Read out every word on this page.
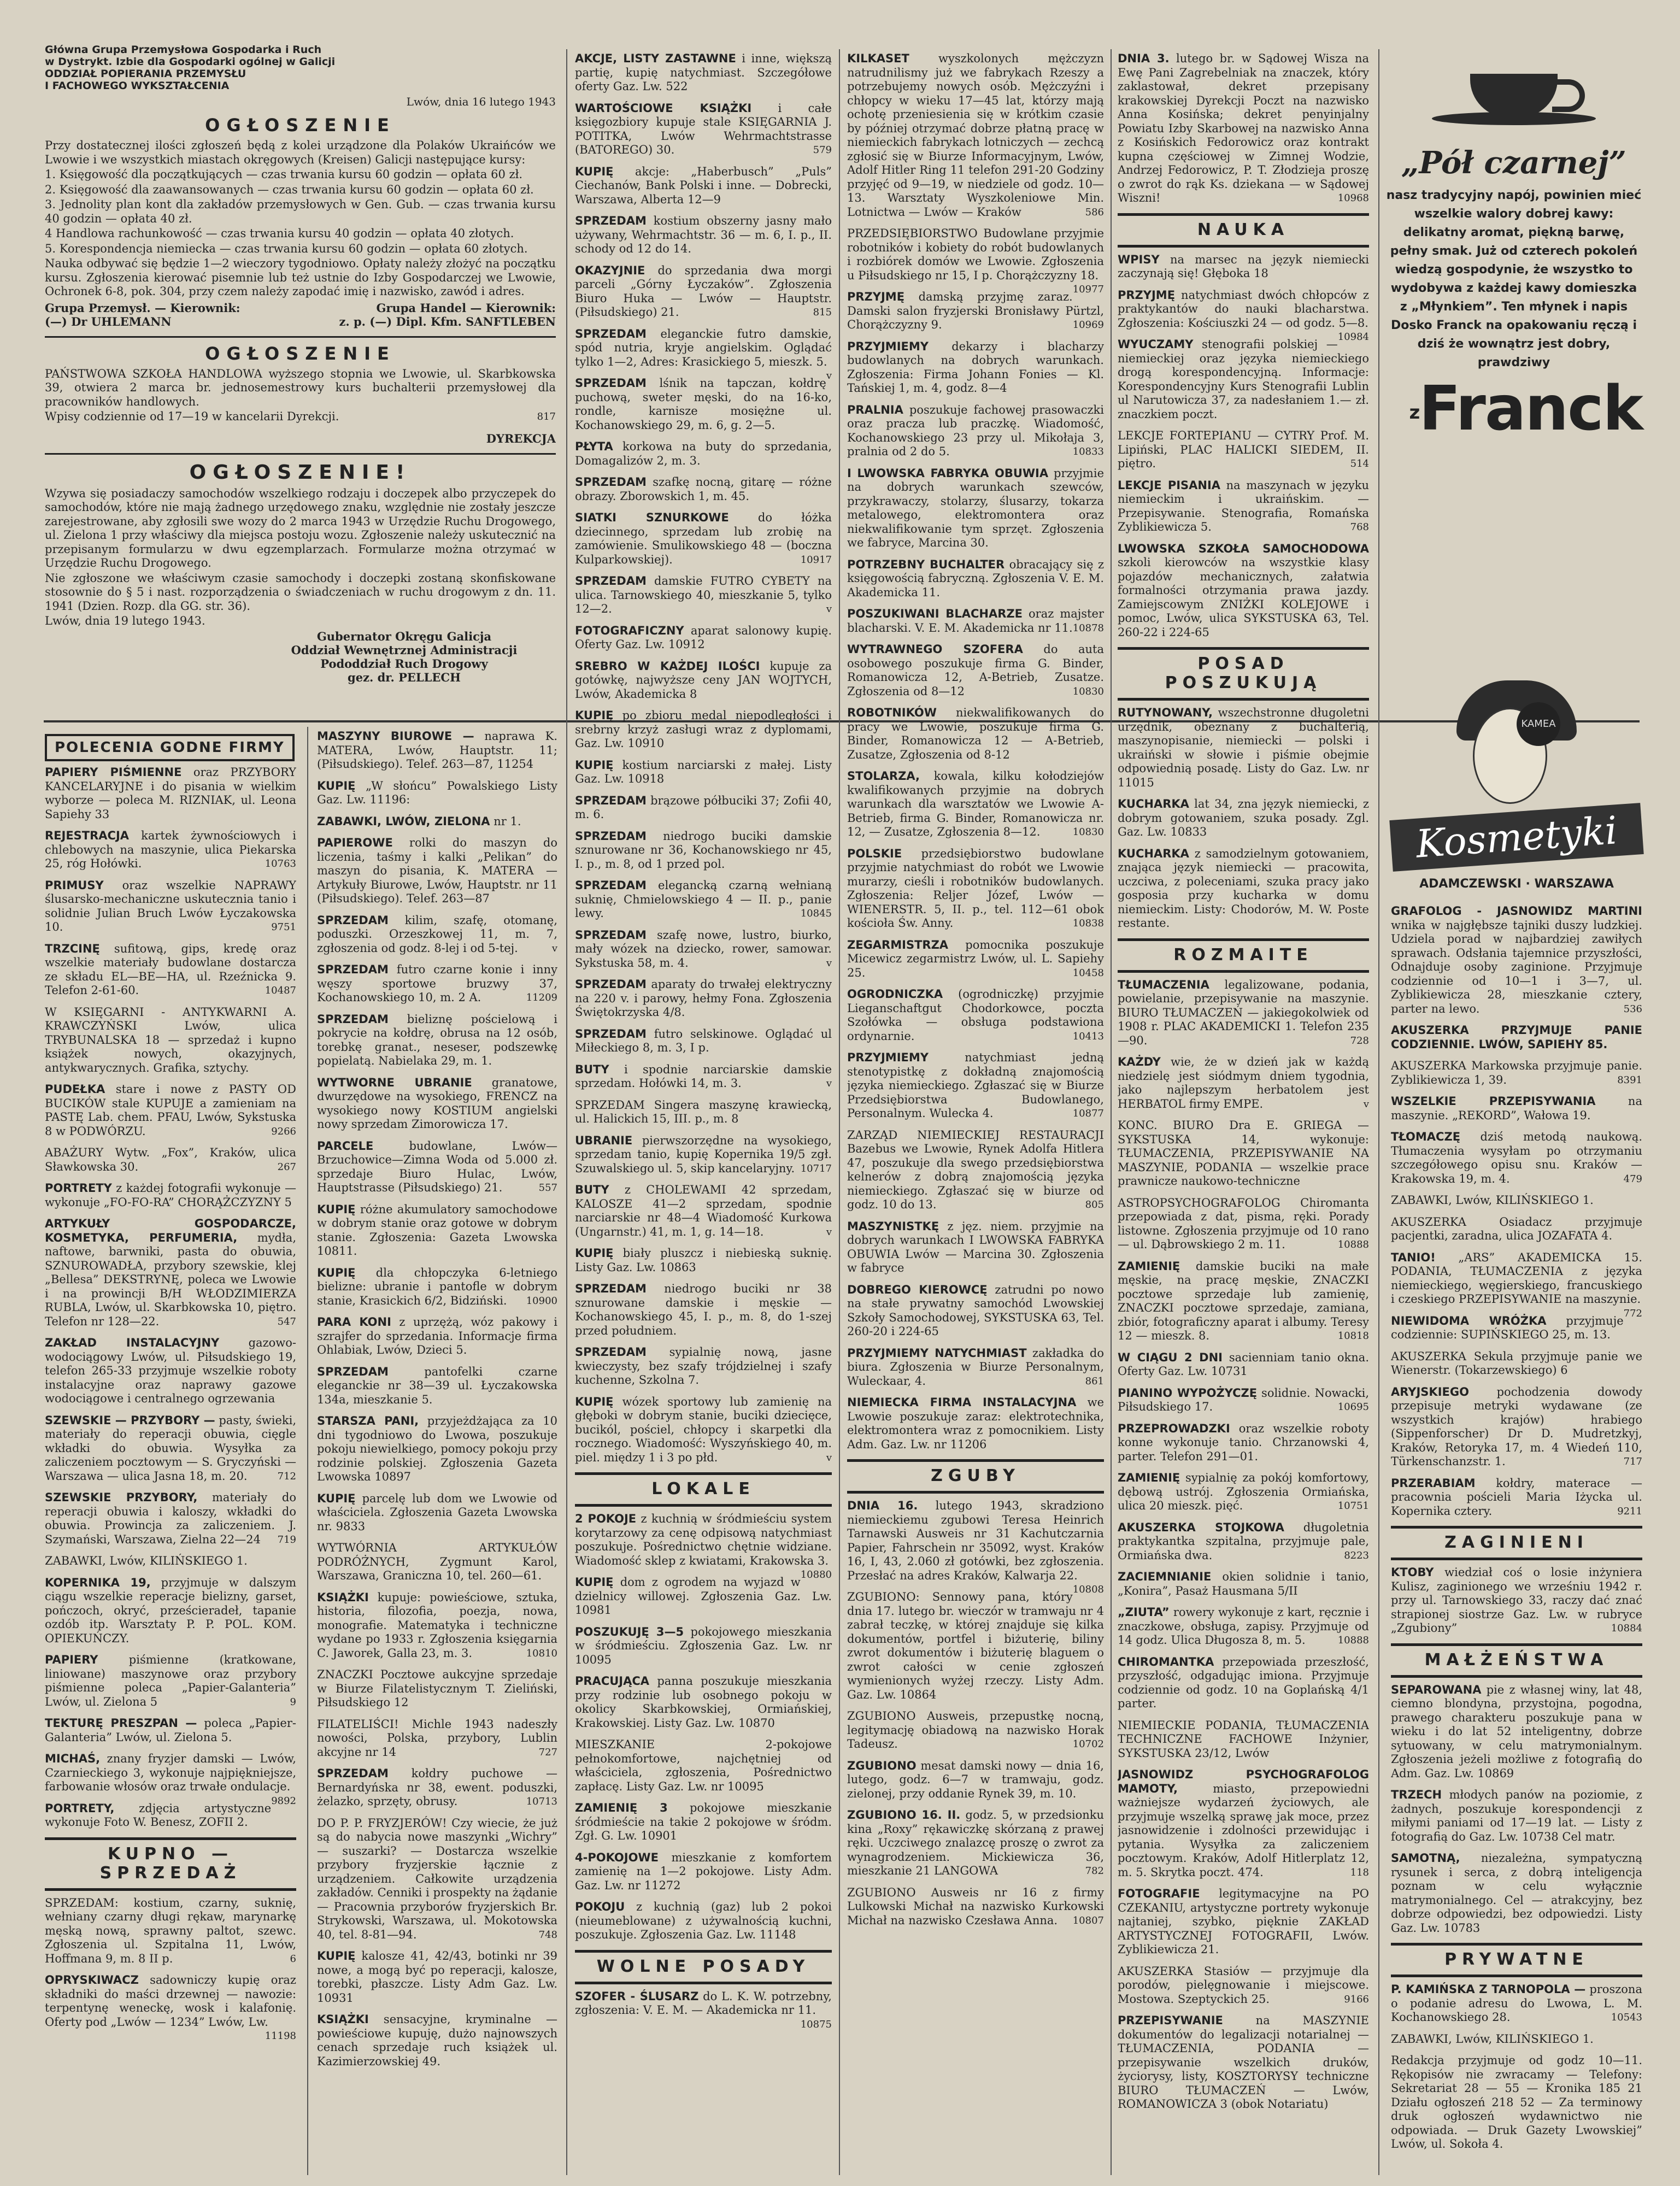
Główna Grupa Przemysłowa Gospodarka i Ruch

w Dystrykt. Izbie dla Gospodarki ogólnej w Galicji

ODDZIAŁ POPIERANIA PRZEMYSŁU

I FACHOWEGO WYKSZTAŁCENIA

Lwów, dnia 16 lutego 1943

OGŁOSZENIE

Przy dostatecznej ilości zgłoszeń będą z kolei urządzone dla Polaków Ukraińców we Lwowie i we wszystkich miastach okręgowych (Kreisen) Galicji następujące kursy:

1. Księgowość dla początkujących — czas trwania kursu 60 godzin — opłata 60 zł.

2. Księgowość dla zaawansowanych — czas trwania kursu 60 godzin — opłata 60 zł.

3. Jednolity plan kont dla zakładów przemysłowych w Gen. Gub. — czas trwania kursu 40 godzin — opłata 40 zł.

4 Handlowa rachunkowość — czas trwania kursu 40 godzin — opłata 40 złotych.

5. Korespondencja niemiecka — czas trwania kursu 60 godzin — opłata 60 złotych.

Nauka odbywać się będzie 1—2 wieczory tygodniowo. Opłaty należy złożyć na początku kursu. Zgłoszenia kierować pisemnie lub też ustnie do Izby Gospodarczej we Lwowie, Ochronek 6-8, pok. 304, przy czem należy zapodać imię i nazwisko, zawód i adres.

Grupa Przemysł. — Kierownik:

(—) Dr UHLEMANN

Grupa Handel — Kierownik:

z. p. (—) Dipl. Kfm. SANFTLEBEN

OGŁOSZENIE

PAŃSTWOWA SZKOŁA HANDLOWA wyższego stopnia we Lwowie, ul. Skarbkowska 39, otwiera 2 marca br. jednosemestrowy kurs buchalterii przemysłowej dla pracowników handlowych.

Wpisy codziennie od 17—19 w kancelarii Dyrekcji.	817

DYREKCJA

OGŁOSZENIE!

Wzywa się posiadaczy samochodów wszelkiego rodzaju i doczepek albo przyczepek do samochodów, które nie mają żadnego urzędowego znaku, względnie nie zostały jeszcze zarejestrowane, aby zgłosili swe wozy do 2 marca 1943 w Urzędzie Ruchu Drogowego, ul. Zielona 1 przy właściwy dla miejsca postoju wozu. Zgłoszenie należy uskutecznić na przepisanym formularzu w dwu egzemplarzach. Formularze można otrzymać w Urzędzie Ruchu Drogowego.

Nie zgłoszone we właściwym czasie samochody i doczepki zostaną skonfiskowane stosownie do § 5 i nast. rozporządzenia o świadczeniach w ruchu drogowym z dn. 11. 1941 (Dzien. Rozp. dla GG. str. 36).

Lwów, dnia 19 lutego 1943.

Gubernator Okręgu Galicja

Oddział Wewnętrznej Administracji

Pododdział Ruch Drogowy

gez. dr. PELLECH

POLECENIA GODNE FIRMY

PAPIERY PIŚMIENNE oraz PRZYBORY KANCELARYJNE i do pisania w wielkim wyborze — poleca M. RIZNIAK, ul. Leona Sapiehy 33

REJESTRACJA kartek żywnościowych i chlebowych na maszynie, ulica Piekarska 25, róg Hołówki.	10763

PRIMUSY oraz wszelkie NAPRAWY ślusarsko-mechaniczne uskutecznia tanio i solidnie Julian Bruch Lwów Łyczakowska 10.	9751

TRZCINĘ sufitową, gips, kredę oraz wszelkie materiały budowlane dostarcza ze składu EL—BE—HA, ul. Rzeźnicka 9. Telefon 2-61-60.	10487

W KSIĘGARNI - ANTYKWARNI A. KRAWCZYŃSKI Lwów, ulica TRYBUNALSKA 18 — sprzedaż i kupno książek nowych, okazyjnych, antykwarycznych. Grafika, sztychy.

PUDEŁKA stare i nowe z PASTY OD BUCIKÓW stale KUPUJE a zamieniam na PASTĘ Lab. chem. PFAU, Lwów, Sykstuska 8 w PODWÓRZU.	9266

ABAŻURY Wytw. „Fox”, Kraków, ulica Sławkowska 30.	267

PORTRETY z każdej fotografii wykonuje — wykonuje „FO-FO-RA” CHORĄŻCZYZNY 5

ARTYKUŁY GOSPODARCZE, KOSMETYKA, PERFUMERIA, mydła, naftowe, barwniki, pasta do obuwia, SZNUROWADŁA, przybory szewskie, klej „Bellesa” DEKSTRYNĘ, poleca we Lwowie i na prowincji B/H WŁODZIMIERZA RUBLA, Lwów, ul. Skarbkowska 10, piętro. Telefon nr 128—22.	547

ZAKŁAD INSTALACYJNY gazowo-wodociągowy Lwów, ul. Piłsudskiego 19, telefon 265-33 przyjmuje wszelkie roboty instalacyjne oraz naprawy gazowe wodociągowe i centralnego ogrzewania

SZEWSKIE — PRZYBORY — pasty, świeki, materiały do reperacji obuwia, cięgle wkładki do obuwia. Wysyłka za zaliczeniem pocztowym — S. Gryczyński — Warszawa — ulica Jasna 18, m. 20.	712

SZEWSKIE PRZYBORY, materiały do reperacji obuwia i kaloszy, wkładki do obuwia. Prowincja za zaliczeniem. J. Szymański, Warszawa, Zielna 22—24 719

ZABAWKI, Lwów, KILIŃSKIEGO 1.

KOPERNIKA 19, przyjmuje w dalszym ciągu wszelkie reperacje bielizny, garset, pończoch, okryć, prześcieradeł, tapanie ozdób itp. Warsztaty P. P. POL. KOM. OPIEKUŃCZY.

PAPIERY piśmienne (kratkowane, liniowane) maszynowe oraz przybory piśmienne poleca „Papier-Galanteria” Lwów, ul. Zielona 5	9

TEKTURĘ PRESZPAN — poleca „Papier-Galanteria” Lwów, ul. Zielona 5.

MICHAŚ, znany fryzjer damski — Lwów, Czarnieckiego 3, wykonuje najpiękniejsze, farbowanie włosów oraz trwałe ondulacje.
9892

PORTRETY, zdjęcia artystyczne wykonuje Foto W. Benesz, ZOFII 2.

KUPNO — SPRZEDAŻ

SPRZEDAM: kostium, czarny, suknię, wełniany czarny długi rękaw, marynarkę męską nową, sprawny paltot, szewc. Zgłoszenia ul. Szpitalna 11, Lwów, Hoffmana 9, m. 8 II p.	6

OPRYSKIWACZ sadowniczy kupię oraz składniki do maści drzewnej — nawozie: terpentynę weneckę, wosk i kalafonię. Oferty pod „Lwów — 1234” Lwów, Lw.
11198

MASZYNY BIUROWE — naprawa K. MATERA, Lwów, Hauptstr. 11; (Piłsudskiego). Telef. 263—87, 11254

KUPIĘ „W słońcu” Powalskiego Listy Gaz. Lw. 11196:

ZABAWKI, LWÓW, ZIELONA nr 1.

PAPIEROWE rolki do maszyn do liczenia, taśmy i kalki „Pelikan” do maszyn do pisania, K. MATERA — Artykuły Biurowe, Lwów, Hauptstr. nr 11 (Piłsudskiego). Telef. 263—87

SPRZEDAM kilim, szafę, otomanę, poduszki. Orzeszkowej 11, m. 7, zgłoszenia od godz. 8-lej i od 5-tej.	v

SPRZEDAM futro czarne konie i inny węszy sportowe bruzwy 37, Kochanowskiego 10, m. 2 A.	11209

SPRZEDAM bieliznę pościelową i pokrycie na kołdrę, obrusa na 12 osób, torebkę granat., neseser, podszewkę popielatą. Nabielaka 29, m. 1.

WYTWORNE UBRANIE granatowe, dwurzędowe na wysokiego, FRENCZ na wysokiego nowy KOSTIUM angielski nowy sprzedam Zimorowicza 17.

PARCELE budowlane, Lwów—Brzuchowice—Zimna Woda od 5.000 zł. sprzedaje Biuro Hulac, Lwów, Hauptstrasse (Piłsudskiego) 21.	557

KUPIĘ różne akumulatory samochodowe w dobrym stanie oraz gotowe w dobrym stanie. Zgłoszenia: Gazeta Lwowska 10811.

KUPIĘ dla chłopczyka 6-letniego bielizne: ubranie i pantofle w dobrym stanie, Krasickich 6/2, Bidziński. 10900

PARA KONI z uprzężą, wóz pakowy i szrajfer do sprzedania. Informacje firma Ohlabiak, Lwów, Dzieci 5.

SPRZEDAM pantofelki czarne eleganckie nr 38—39 ul. Łyczakowska 134a, mieszkanie 5.

STARSZA PANI, przyjeżdżająca za 10 dni tygodniowo do Lwowa, poszukuje pokoju niewielkiego, pomocy pokoju przy rodzinie polskiej. Zgłoszenia Gazeta Lwowska 10897

KUPIĘ parcelę lub dom we Lwowie od właściciela. Zgłoszenia Gazeta Lwowska nr. 9833

WYTWÓRNIA ARTYKUŁÓW PODRÓŻNYCH, Zygmunt Karol, Warszawa, Graniczna 10, tel. 260—61.

KSIĄŻKI kupuje: powieściowe, sztuka, historia, filozofia, poezja, nowa, monografie. Matematyka i techniczne wydane po 1933 r. Zgłoszenia księgarnia C. Jaworek, Galla 23, m. 3.	10810

ZNACZKI Pocztowe aukcyjne sprzedaje w Biurze Filatelistycznym T. Zieliński, Piłsudskiego 12

FILATELIŚCI! Michle 1943 nadeszły nowości, Polska, przybory, Lublin akcyjne nr 14	727

SPRZEDAM kołdry puchowe — Bernardyńska nr 38, ewent. poduszki, żelazko, sprzęty, obrusy.	10713

DO P. P. FRYZJERÓW! Czy wiecie, że już są do nabycia nowe maszynki „Wichry” — suszarki? — Dostarcza wszelkie przybory fryzjerskie łącznie z urządzeniem. Całkowite urządzenia zakładów. Cenniki i prospekty na żądanie — Pracownia przyborów fryzjerskich Br. Strykowski, Warszawa, ul. Mokotowska 40, tel. 8-81—94.	748

KUPIĘ kalosze 41, 42/43, botinki nr 39 nowe, a mogą być po reperacji, kalosze, torebki, płaszcze. Listy Adm Gaz. Lw. 10931

KSIĄŻKI sensacyjne, kryminalne — powieściowe kupuję, dużo najnowszych cenach sprzedaje ruch książek ul. Kazimierzowskiej 49.

AKCJE, LISTY ZASTAWNE i inne, większą partię, kupię natychmiast. Szczegółowe oferty Gaz. Lw. 522

WARTOŚCIOWE KSIĄŻKI i całe księgozbiory kupuje stale KSIĘGARNIA J. POTITKA, Lwów Wehrmachtstrasse (BATOREGO) 30.	579

KUPIĘ akcje: „Haberbusch” „Puls” Ciechanów, Bank Polski i inne. — Dobrecki, Warszawa, Alberta 12—9

SPRZEDAM kostium obszerny jasny mało używany, Wehrmachtstr. 36 — m. 6, I. p., II. schody od 12 do 14.

OKAZYJNIE do sprzedania dwa morgi parceli „Górny Łyczaków”. Zgłoszenia Biuro Huka — Lwów — Hauptstr. (Piłsudskiego) 21.	815

SPRZEDAM eleganckie futro damskie, spód nutria, kryje angielskim. Oglądać tylko 1—2, Adres: Krasickiego 5, mieszk. 5.
v

SPRZEDAM lśnik na tapczan, kołdrę puchową, sweter męski, do na 16-ko, rondle, karnisze mosiężne ul. Kochanowskiego 29, m. 6, g. 2—5.

PŁYTA korkowa na buty do sprzedania, Domagalizów 2, m. 3.

SPRZEDAM szafkę nocną, gitarę — różne obrazy. Zborowskich 1, m. 45.

SIATKI SZNURKOWE do łóżka dziecinnego, sprzedam lub zrobię na zamówienie. Smulikowskiego 48 — (boczna Kulparkowskiej).	10917

SPRZEDAM damskie FUTRO CYBETY na ulica. Tarnowskiego 40, mieszkanie 5, tylko 12—2.	v

FOTOGRAFICZNY aparat salonowy kupię. Oferty Gaz. Lw. 10912

SREBRO W KAŻDEJ ILOŚCI kupuje za gotówkę, najwyższe ceny JAN WOJTYCH, Lwów, Akademicka 8

KUPIĘ po zbioru medal niepodległości i srebrny krzyż zasługi wraz z dyplomami, Gaz. Lw. 10910

KUPIĘ kostium narciarski z małej. Listy Gaz. Lw. 10918

SPRZEDAM brązowe półbuciki 37; Zofii 40, m. 6.

SPRZEDAM niedrogo buciki damskie sznurowane nr 36, Kochanowskiego nr 45, I. p., m. 8, od 1 przed pol.

SPRZEDAM elegancką czarną wełnianą suknię, Chmielowskiego 4 — II. p., panie lewy.	10845

SPRZEDAM szafę nowe, lustro, biurko, mały wózek na dziecko, rower, samowar. Sykstuska 58, m. 4.	v

SPRZEDAM aparaty do trwałej elektryczny na 220 v. i parowy, hełmy Fona. Zgłoszenia Świętokrzyska 4/8.

SPRZEDAM futro selskinowe. Oglądać ul Miłeckiego 8, m. 3, I p.

BUTY i spodnie narciarskie damskie sprzedam. Hołówki 14, m. 3.	v

SPRZEDAM Singera maszynę krawiecką, ul. Halickich 15, III. p., m. 8

UBRANIE pierwszorzędne na wysokiego, sprzedam tanio, kupię Kopernika 19/5 zgł. Szuwalskiego ul. 5, skip kancelaryjny. 10717

BUTY z CHOLEWAMI 42 sprzedam, KALOSZE 41—2 sprzedam, spodnie narciarskie nr 48—4 Wiadomość Kurkowa (Ungarnstr.) 41, m. 1, g. 14—18.	v

KUPIĘ biały pluszcz i niebieską suknię. Listy Gaz. Lw. 10863

SPRZEDAM niedrogo buciki nr 38 sznurowane damskie i męskie — Kochanowskiego 45, I. p., m. 8, do 1-szej przed południem.

SPRZEDAM sypialnię nową, jasne kwieczysty, bez szafy trójdzielnej i szafy kuchenne, Szkolna 7.

KUPIĘ wózek sportowy lub zamienię na głęboki w dobrym stanie, buciki dziecięce, bucikól, pościel, chłopcy i skarpetki dla rocznego. Wiadomość: Wyszyńskiego 40, m. piel. między 1 i 3 po płd.	v

LOKALE

2 POKOJE z kuchnią w śródmieściu system korytarzowy za cenę odpisową natychmiast poszukuje. Pośrednictwo chętnie widziane. Wiadomość sklep z kwiatami, Krakowska 3.
10880

KUPIĘ dom z ogrodem na wyjazd w dzielnicy willowej. Zgłoszenia Gaz. Lw. 10981

POSZUKUJĘ 3—5 pokojowego mieszkania w śródmieściu. Zgłoszenia Gaz. Lw. nr 10095

PRACUJĄCA panna poszukuje mieszkania przy rodzinie lub osobnego pokoju w okolicy Skarbkowskiej, Ormiańskiej, Krakowskiej. Listy Gaz. Lw. 10870

MIESZKANIE 2-pokojowe pełnokomfortowe, najchętniej od właściciela, zgłoszenia, Pośrednictwo zapłacę. Listy Gaz. Lw. nr 10095

ZAMIENIĘ 3 pokojowe mieszkanie śródmieście na takie 2 pokojowe w śródm. Zgł. G. Lw. 10901

4-POKOJOWE mieszkanie z komfortem zamienię na 1—2 pokojowe. Listy Adm. Gaz. Lw. nr 11272

POKOJU z kuchnią (gaz) lub 2 pokoi (nieumeblowane) z używalnością kuchni, poszukuje. Zgłoszenia Gaz. Lw. 11148

WOLNE POSADY

SZOFER - ŚLUSARZ do L. K. W. potrzebny, zgłoszenia: V. E. M. — Akademicka nr 11.
10875

KILKASET wyszkolonych mężczyzn natrudnilismy już we fabrykach Rzeszy a potrzebujemy nowych osób. Mężczyźni i chłopcy w wieku 17—45 lat, którzy mają ochotę przeniesienia się w krótkim czasie by później otrzymać dobrze płatną pracę w niemieckich fabrykach lotniczych — zechcą zgłosić się w Biurze Informacyjnym, Lwów, Adolf Hitler Ring 11 telefon 291-20 Godziny przyjęć od 9—19, w niedziele od godz. 10—13. Warsztaty Wyszkoleniowe Min. Lotnictwa — Lwów — Kraków	586

PRZEDSIĘBIORSTWO Budowlane przyjmie robotników i kobiety do robót budowlanych i rozbiórek domów we Lwowie. Zgłoszenia u Piłsudskiego nr 15, I p. Chorążczyzny 18.
10977

PRZYJMĘ damską przyjmę zaraz. Damski salon fryzjerski Bronisławy Pürtzl, Chorążczyzny 9.	10969

PRZYJMIEMY dekarzy i blacharzy budowlanych na dobrych warunkach. Zgłoszenia: Firma Johann Fonies — Kl. Tańskiej 1, m. 4, godz. 8—4

PRALNIA poszukuje fachowej prasowaczki oraz pracza lub praczkę. Wiadomość, Kochanowskiego 23 przy ul. Mikołaja 3, pralnia od 2 do 5.	10833

I LWOWSKA FABRYKA OBUWIA przyjmie na dobrych warunkach szewców, przykrawaczy, stolarzy, ślusarzy, tokarza metalowego, elektromontera oraz niekwalifikowanie tym sprzęt. Zgłoszenia we fabryce, Marcina 30.

POTRZEBNY BUCHALTER obracający się z księgowością fabryczną. Zgłoszenia V. E. M. Akademicka 11.

POSZUKIWANI BLACHARZE oraz majster blacharski. V. E. M. Akademicka nr 11. 10878

WYTRAWNEGO SZOFERA do auta osobowego poszukuje firma G. Binder, Romanowicza 12, A-Betrieb, Zusatze. Zgłoszenia od 8—12	10830

ROBOTNIKÓW niekwalifikowanych do pracy we Lwowie, poszukuje firma G. Binder, Romanowicza 12 — A-Betrieb, Zusatze, Zgłoszenia od 8-12

STOLARZA, kowala, kilku kołodziejów kwalifikowanych przyjmie na dobrych warunkach dla warsztatów we Lwowie A-Betrieb, firma G. Binder, Romanowicza nr. 12, — Zusatze, Zgłoszenia 8—12.	10830

POLSKIE przedsiębiorstwo budowlane przyjmie natychmiast do robót we Lwowie murarzy, cieśli i robotników budowlanych. Zgłoszenia: Reljer Józef, Lwów — WIENERSTR. 5, II. p., tel. 112—61 obok kościoła Św. Anny.	10838

ZEGARMISTRZA pomocnika poszukuje Micewicz zegarmistrz Lwów, ul. L. Sapiehy 25.	10458

OGRODNICZKA (ogrodniczkę) przyjmie Lieganschaftgut Chodorkowce, poczta Szołówka — obsługa podstawiona ordynarnie.	10413

PRZYJMIEMY natychmiast jedną stenotypistkę z dokładną znajomością języka niemieckiego. Zgłaszać się w Biurze Przedsiębiorstwa Budowlanego, Personalnym. Wulecka 4.	10877

ZARZĄD NIEMIECKIEJ RESTAURACJI Bazebus we Lwowie, Rynek Adolfa Hitlera 47, poszukuje dla swego przedsiębiorstwa kelnerów z dobrą znajomością języka niemieckiego. Zgłaszać się w biurze od godz. 10 do 13.	805

MASZYNISTKĘ z jęz. niem. przyjmie na dobrych warunkach I LWOWSKA FABRYKA OBUWIA Lwów — Marcina 30. Zgłoszenia w fabryce

DOBREGO KIEROWCĘ zatrudni po nowo na stałe prywatny samochód Lwowskiej Szkoły Samochodowej, SYKSTUSKA 63, Tel. 260-20 i 224-65

PRZYJMIEMY NATYCHMIAST zakładka do biura. Zgłoszenia w Biurze Personalnym, Wuleckaar, 4.	861

NIEMIECKA FIRMA INSTALACYJNA we Lwowie poszukuje zaraz: elektrotechnika, elektromontera wraz z pomocnikiem. Listy Adm. Gaz. Lw. nr 11206

ZGUBY

DNIA 16. lutego 1943, skradziono niemieckiemu zgubowi Teresa Heinrich Tarnawski Ausweis nr 31 Kachutczarnia Papier, Fahrschein nr 35092, wyst. Kraków 16, I, 43, 2.060 zł gotówki, bez zgłoszenia. Przesłać na adres Kraków, Kalwarja 22.
10808

ZGUBIONO: Sennowy pana, który dnia 17. lutego br. wieczór w tramwaju nr 4 zabrał teczkę, w której znajduje się kilka dokumentów, portfel i biżuterię, biliny zwrot dokumentów i biżuterię blaguem o zwrot całości w cenie zgłoszeń wymienionych wyżej rzeczy. Listy Adm. Gaz. Lw. 10864

ZGUBIONO Ausweis, przepustkę nocną, legitymację obiadową na nazwisko Horak Tadeusz.	10702

ZGUBIONO mesat damski nowy — dnia 16, lutego, godz. 6—7 w tramwaju, godz. zielonej, przy oddanie Rynek 39, m. 10.

ZGUBIONO 16. II. godz. 5, w przedsionku kina „Roxy” rękawiczkę skórzaną z prawej ręki. Uczciwego znalazcę proszę o zwrot za wynagrodzeniem. Mickiewicza 36, mieszkanie 21 LANGOWA	782

ZGUBIONO Ausweis nr 16 z firmy Lulkowski Michał na nazwisko Kurkowski Michał na nazwisko Czesława Anna. 10807

DNIA 3. lutego br. w Sądowej Wisza na Ewę Pani Zagrebelniak na znaczek, który zaklastował, dekret przepisany krakowskiej Dyrekcji Poczt na nazwisko Anna Kosińska; dekret penyinjalny Powiatu Izby Skarbowej na nazwisko Anna z Kosińskich Fedorowicz oraz kontrakt kupna częściowej w Zimnej Wodzie, Andrzej Fedorowicz, P. T. Złodzieja proszę o zwrot do rąk Ks. dziekana — w Sądowej Wiszni!	10968

NAUKA

WPISY na marsec na język niemiecki zaczynają się! Głęboka 18

PRZYJMĘ natychmiast dwóch chłopców z praktykantów do nauki blacharstwa. Zgłoszenia: Kościuszki 24 — od godz. 5—8.
10984

WYUCZAMY stenografii polskiej — niemieckiej oraz języka niemieckiego drogą korespondencyjną. Informacje: Korespondencyjny Kurs Stenografii Lublin ul Narutowicza 37, za nadesłaniem 1.— zł. znaczkiem poczt.

LEKCJE FORTEPIANU — CYTRY Prof. M. Lipiński, PLAC HALICKI SIEDEM, II. piętro.	514

LEKCJE PISANIA na maszynach w języku niemieckim i ukraińskim. — Przepisywanie. Stenografia, Romańska Zyblikiewicza 5.	768

LWOWSKA SZKOŁA SAMOCHODOWA szkoli kierowców na wszystkie klasy pojazdów mechanicznych, załatwia formalności otrzymania prawa jazdy. Zamiejscowym ZNIŻKI KOLEJOWE i pomoc, Lwów, ulica SYKSTUSKA 63, Tel. 260-22 i 224-65

POSAD POSZUKUJĄ

RUTYNOWANY, wszechstronne długoletni urzędnik, obeznany z buchalterią, maszynopisanie, niemiecki — polski i ukraiński w słowie i piśmie obejmie odpowiednią posadę. Listy do Gaz. Lw. nr 11015

KUCHARKA lat 34, zna język niemiecki, z dobrym gotowaniem, szuka posady. Zgl. Gaz. Lw. 10833

KUCHARKA z samodzielnym gotowaniem, znająca język niemiecki — pracowita, uczciwa, z poleceniami, szuka pracy jako gosposia przy kucharka w domu niemieckim. Listy: Chodorów, M. W. Poste restante.

ROZMAITE

TŁUMACZENIA legalizowane, podania, powielanie, przepisywanie na maszynie. BIURO TŁUMACZEŃ — jakiegokolwiek od 1908 r. PLAC AKADEMICKI 1. Telefon 235—90.	728

KAŻDY wie, że w dzień jak w każdą niedzielę jest siódmym dniem tygodnia, jako najlepszym herbatolem jest HERBATOL firmy EMPE.	v

KONC. BIURO Dra E. GRIEGA — SYKSTUSKA 14, wykonuje: TŁUMACZENIA, PRZEPISYWANIE NA MASZYNIE, PODANIA — wszelkie prace prawnicze naukowo-techniczne

ASTROPSYCHOGRAFOLOG Chiromanta przepowiada z dat, pisma, ręki. Porady listowne. Zgłoszenia przyjmuje od 10 rano — ul. Dąbrowskiego 2 m. 11.	10888

ZAMIENIĘ damskie buciki na małe męskie, na pracę męskie, ZNACZKI pocztowe sprzedaje lub zamienię, ZNACZKI pocztowe sprzedaje, zamiana, zbiór, fotograficzny aparat i albumy. Teresy 12 — mieszk. 8.	10818

W CIĄGU 2 DNI sacienniam tanio okna. Oferty Gaz. Lw. 10731

PIANINO WYPOŻYCZĘ solidnie. Nowacki, Piłsudskiego 17.	10695

PRZEPROWADZKI oraz wszelkie roboty konne wykonuje tanio. Chrzanowski 4, parter. Telefon 291—01.

ZAMIENIĘ sypialnię za pokój komfortowy, dębową ustrój. Zgłoszenia Ormiańska, ulica 20 mieszk. pięć.	10751

AKUSZERKA STOJKOWA długoletnia praktykantka szpitalna, przyjmuje pale, Ormiańska dwa.	8223

ZACIEMNIANIE okien solidnie i tanio, „Konira”, Pasaż Hausmana 5/II

„ZIUTA” rowery wykonuje z kart, ręcznie i znaczkowe, obsługa, zapisy. Przyjmuje od 14 godz. Ulica Długosza 8, m. 5.	10888

CHIROMANTKA przepowiada przeszłość, przyszłość, odgadując imiona. Przyjmuje codziennie od godz. 10 na Goplańską 4/1 parter.

NIEMIECKIE PODANIA, TŁUMACZENIA TECHNICZNE FACHOWE Inżynier, SYKSTUSKA 23/12, Lwów

JASNOWIDZ PSYCHOGRAFOLOG MAMOTY, miasto, przepowiedni ważniejsze wydarzeń życiowych, ale przyjmuje wszelką sprawę jak moce, przez jasnowidzenie i zdolności przewidując i pytania. Wysyłka za zaliczeniem pocztowym. Kraków, Adolf Hitlerplatz 12, m. 5. Skrytka poczt. 474.	118

FOTOGRAFIE legitymacyjne na PO CZEKANIU, artystyczne portrety wykonuje najtaniej, szybko, pięknie ZAKŁAD ARTYSTYCZNEJ FOTOGRAFII, Lwów. Zyblikiewicza 21.

AKUSZERKA Stasiów — przyjmuje dla porodów, pielęgnowanie i miejscowe. Mostowa. Szeptyckich 25.	9166

PRZEPISYWANIE na MASZYNIE dokumentów do legalizacji notarialnej — TŁUMACZENIA, PODANIA — przepisywanie wszelkich druków, życiorysy, listy, KOSZTORYSY techniczne BIURO TŁUMACZEŃ — Lwów, ROMANOWICZA 3 (obok Notariatu)

„Pół czarnej”

nasz tradycyjny napój, powinien mieć wszelkie walory dobrej kawy: delikatny aromat, piękną barwę, pełny smak. Już od czterech pokoleń wiedzą gospodynie, że wszystko to wydobywa z każdej kawy domieszka z „Młynkiem”. Ten młynek i napis Dosko Franck na opakowaniu ręczą i dziś że wownątrz jest dobry, prawdziwy

zFranck

KAMEA
Kosmetyki
ADAMCZEWSKI · WARSZAWA

GRAFOLOG - JASNOWIDZ MARTINI wnika w najgłębsze tajniki duszy ludzkiej. Udziela porad w najbardziej zawiłych sprawach. Odsłania tajemnice przyszłości, Odnajduje osoby zaginione. Przyjmuje codziennie od 10—1 i 3—7, ul. Zyblikiewicza 28, mieszkanie cztery, parter na lewo.	536

AKUSZERKA PRZYJMUJE PANIE CODZIENNIE. LWÓW, SAPIEHY 85.

AKUSZERKA Markowska przyjmuje panie. Zyblikiewicza 1, 39.	8391

WSZELKIE PRZEPISYWANIA na maszynie. „REKORD”, Wałowa 19.

TŁOMACZĘ dziś metodą naukową. Tłumaczenia wysyłam po otrzymaniu szczegółowego opisu snu. Kraków — Krakowska 19, m. 4.	479

ZABAWKI, Lwów, KILIŃSKIEGO 1.

AKUSZERKA Osiadacz przyjmuje pacjentki, zaradna, ulica JOZAFATA 4.

TANIO! „ARS” AKADEMICKA 15. PODANIA, TŁUMACZENIA z języka niemieckiego, węgierskiego, francuskiego i czeskiego PRZEPISYWANIE na maszynie.
772

NIEWIDOMA WRÓŻKA przyjmuje codziennie: SUPIŃSKIEGO 25, m. 13.

AKUSZERKA Sekula przyjmuje panie we Wienerstr. (Tokarzewskiego) 6

ARYJSKIEGO pochodzenia dowody przepisuje metryki wydawane (ze wszystkich krajów) hrabiego (Sippenforscher) Dr D. Mudretzkyj, Kraków, Retoryka 17, m. 4 Wiedeń 110, Türkenschanzstr. 1.	717

PRZERABIAM kołdry, materace — pracownia pościeli Maria Iżycka ul. Kopernika cztery.	9211

ZAGINIENI

KTOBY wiedział coś o losie inżyniera Kulisz, zaginionego we wrześniu 1942 r. przy ul. Tarnowskiego 33, raczy dać znać strapionej siostrze Gaz. Lw. w rubryce „Zgubiony”	10884

MAŁŻEŃSTWA

SEPAROWANA pie z własnej winy, lat 48, ciemno blondyna, przystojna, pogodna, prawego charakteru poszukuje pana w wieku i do lat 52 inteligentny, dobrze sytuowany, w celu matrymonialnym. Zgłoszenia jeżeli możliwe z fotografią do Adm. Gaz. Lw. 10869

TRZECH młodych panów na poziomie, z żadnych, poszukuje korespondencji z miłymi paniami od 17—19 lat. — Listy z fotografią do Gaz. Lw. 10738 Cel matr.

SAMOTNĄ, niezależna, sympatyczną rysunek i serca, z dobrą inteligencja poznam w celu wyłącznie matrymonialnego. Cel — atrakcyjny, bez dobrze odpowiedzi, bez odpowiedzi. Listy Gaz. Lw. 10783

PRYWATNE

P. KAMIŃSKA Z TARNOPOLA — proszona o podanie adresu do Lwowa, L. M. Kochanowskiego 28.	10543

ZABAWKI, Lwów, KILIŃSKIEGO 1.

Redakcja przyjmuje od godz 10—11. Rękopisów nie zwracamy — Telefony: Sekretariat 28 — 55 — Kronika 185 21 Działu ogłoszeń 218 52 — Za terminowy druk ogłoszeń wydawnictwo nie odpowiada. — Druk Gazety Lwowskiej” Lwów, ul. Sokoła 4.
